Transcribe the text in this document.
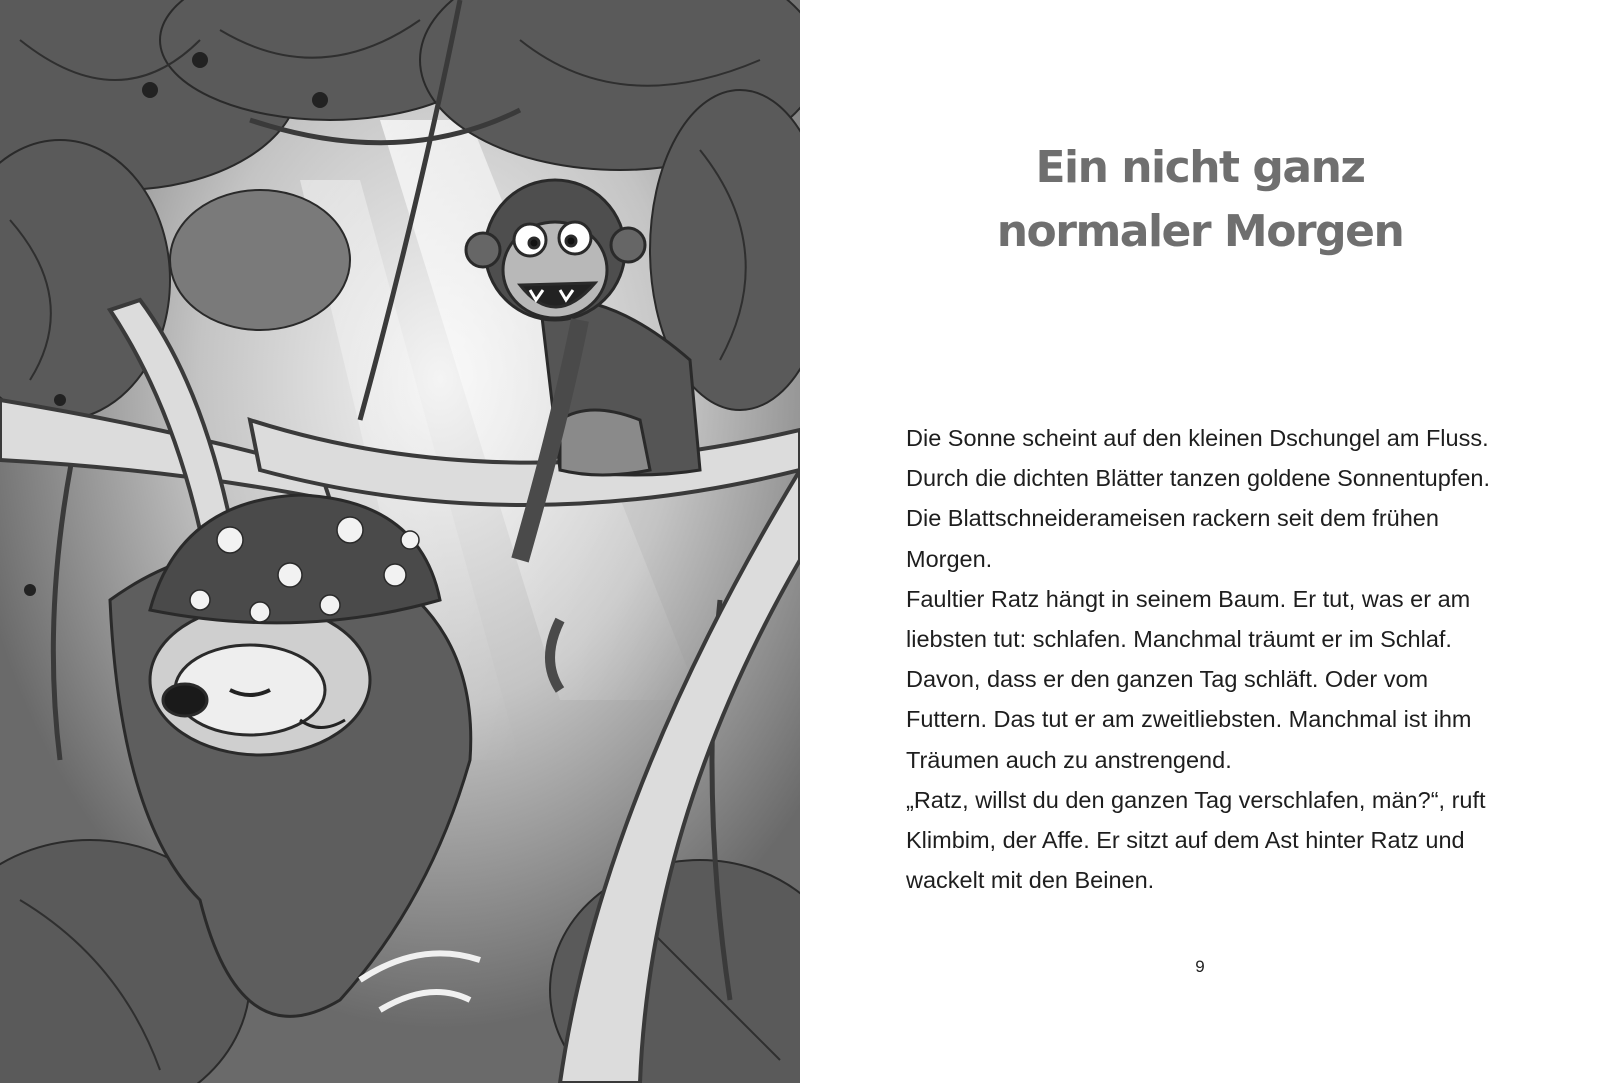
Ein nicht ganz
normaler Morgen

Die Sonne scheint auf den kleinen Dschungel am Fluss. Durch die dichten Blätter tanzen goldene Sonnentupfen. Die Blattschneiderameisen rackern seit dem frühen Morgen.

Faultier Ratz hängt in seinem Baum. Er tut, was er am liebsten tut: schlafen. Manchmal träumt er im Schlaf. Davon, dass er den ganzen Tag schläft. Oder vom Futtern. Das tut er am zweitliebsten. Manchmal ist ihm Träumen auch zu anstrengend.

„Ratz, willst du den ganzen Tag verschlafen, män?“, ruft Klimbim, der Affe. Er sitzt auf dem Ast hinter Ratz und wackelt mit den Beinen.

9
